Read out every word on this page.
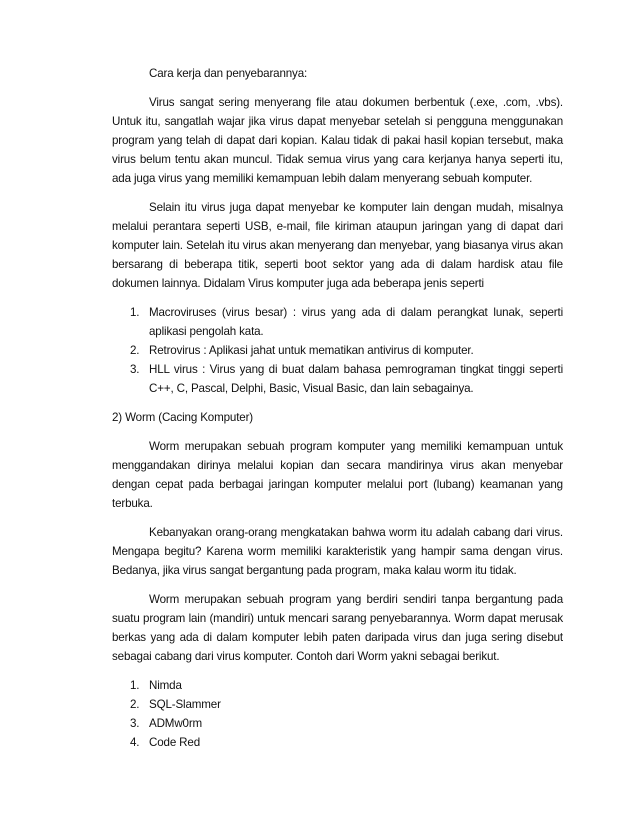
Cara kerja dan penyebarannya:

Virus sangat sering menyerang file atau dokumen berbentuk (.exe, .com, .vbs). Untuk itu, sangatlah wajar jika virus dapat menyebar setelah si pengguna menggunakan program yang telah di dapat dari kopian. Kalau tidak di pakai hasil kopian tersebut, maka virus belum tentu akan muncul. Tidak semua virus yang cara kerjanya hanya seperti itu, ada juga virus yang memiliki kemampuan lebih dalam menyerang sebuah komputer.

Selain itu virus juga dapat menyebar ke komputer lain dengan mudah, misalnya melalui perantara seperti USB, e-mail, file kiriman ataupun jaringan yang di dapat dari komputer lain. Setelah itu virus akan menyerang dan menyebar, yang biasanya virus akan bersarang di beberapa titik, seperti boot sektor yang ada di dalam hardisk atau file dokumen lainnya. Didalam Virus komputer juga ada beberapa jenis seperti

1. Macroviruses (virus besar) : virus yang ada di dalam perangkat lunak, seperti aplikasi pengolah kata.
2. Retrovirus : Aplikasi jahat untuk mematikan antivirus di komputer.
3. HLL virus : Virus yang di buat dalam bahasa pemrograman tingkat tinggi seperti C++, C, Pascal, Delphi, Basic, Visual Basic, dan lain sebagainya.

2) Worm (Cacing Komputer)

Worm merupakan sebuah program komputer yang memiliki kemampuan untuk menggandakan dirinya melalui kopian dan secara mandirinya virus akan menyebar dengan cepat pada berbagai jaringan komputer melalui port (lubang) keamanan yang terbuka.

Kebanyakan orang-orang mengkatakan bahwa worm itu adalah cabang dari virus. Mengapa begitu? Karena worm memiliki karakteristik yang hampir sama dengan virus. Bedanya, jika virus sangat bergantung pada program, maka kalau worm itu tidak.

Worm merupakan sebuah program yang berdiri sendiri tanpa bergantung pada suatu program lain (mandiri) untuk mencari sarang penyebarannya. Worm dapat merusak berkas yang ada di dalam komputer lebih paten daripada virus dan juga sering disebut sebagai cabang dari virus komputer. Contoh dari Worm yakni sebagai berikut.

1. Nimda
2. SQL-Slammer
3. ADMw0rm
4. Code Red
